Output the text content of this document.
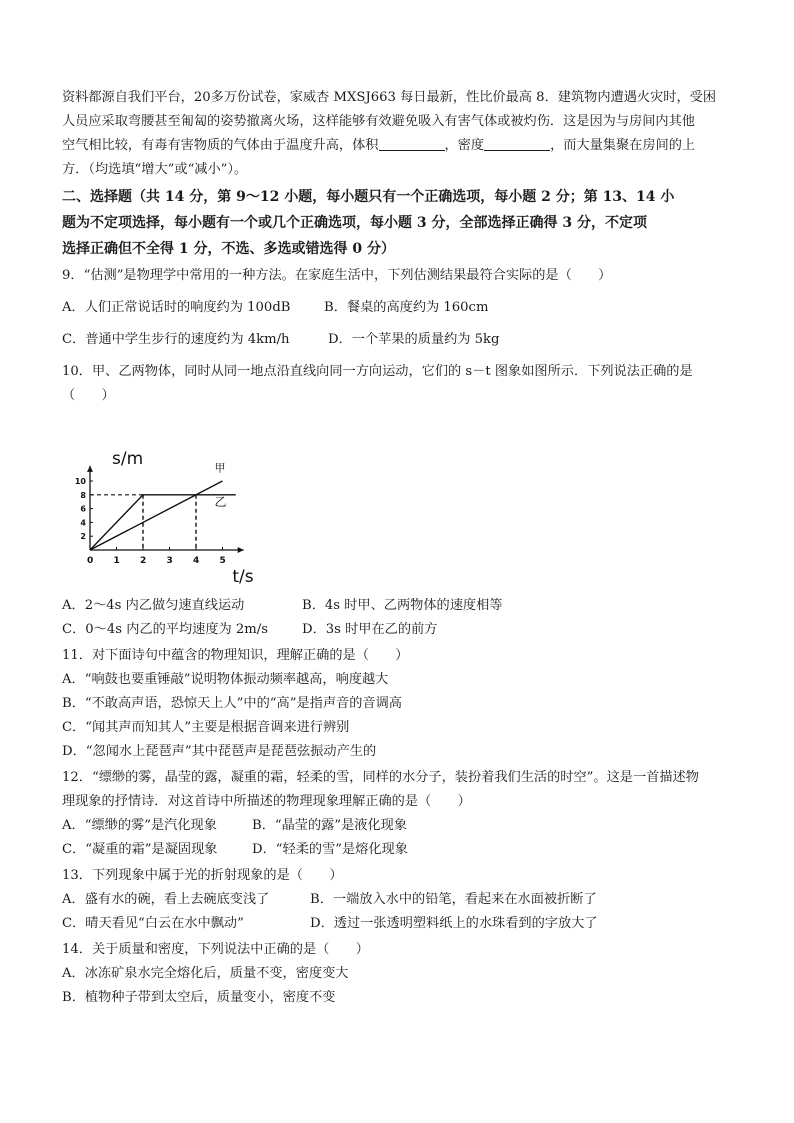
资料都源自我们平台，20多万份试卷，家威杏 MXSJ663 每日最新，性比价最高 8．建筑物内遭遇火灾时，受困
人员应采取弯腰甚至匍匐的姿势撤离火场，这样能够有效避免吸入有害气体或被灼伤．这是因为与房间内其他
空气相比较，有毒有害物质的气体由于温度升高，体积	，密度	，而大量集聚在房间的上
方．（均选填“增大”或“减小”）。
二、选择题（共 14 分，第 9～12 小题，每小题只有一个正确选项，每小题 2 分；第 13、14 小
题为不定项选择，每小题有一个或几个正确选项，每小题 3 分，全部选择正确得 3 分，不定项
选择正确但不全得 1 分，不选、多选或错选得 0 分）
9．“估测”是物理学中常用的一种方法。在家庭生活中，下列估测结果最符合实际的是（　　）
A．人们正常说话时的响度约为 100dB	B．餐桌的高度约为 160cm
C．普通中学生步行的速度约为 4km/h	D．一个苹果的质量约为 5kg
10．甲、乙两物体，同时从同一地点沿直线向同一方向运动，它们的 s－t 图象如图所示．下列说法正确的是
（　　）
s/m
t/s
0 1 2 3 4 5
2
4
6
8
10
甲
乙
A．2～4s 内乙做匀速直线运动	B．4s 时甲、乙两物体的速度相等
C．0～4s 内乙的平均速度为 2m/s	D．3s 时甲在乙的前方
11．对下面诗句中蕴含的物理知识，理解正确的是（　　）
A．“响鼓也要重锤敲”说明物体振动频率越高，响度越大
B．“不敢高声语，恐惊天上人”中的“高”是指声音的音调高
C．“闻其声而知其人”主要是根据音调来进行辨别
D．“忽闻水上琵琶声”其中琵琶声是琵琶弦振动产生的
12．“缥缈的雾，晶莹的露，凝重的霜，轻柔的雪，同样的水分子，装扮着我们生活的时空”。这是一首描述物
理现象的抒情诗．对这首诗中所描述的物理现象理解正确的是（　　）
A．“缥缈的雾”是汽化现象	B．“晶莹的露”是液化现象
C．“凝重的霜”是凝固现象	D．“轻柔的雪”是熔化现象
13．下列现象中属于光的折射现象的是（　　）
A．盛有水的碗，看上去碗底变浅了	B．一端放入水中的铅笔，看起来在水面被折断了
C．晴天看见“白云在水中飘动”	D．透过一张透明塑料纸上的水珠看到的字放大了
14．关于质量和密度，下列说法中正确的是（　　）
A．冰冻矿泉水完全熔化后，质量不变，密度变大
B．植物种子带到太空后，质量变小，密度不变
